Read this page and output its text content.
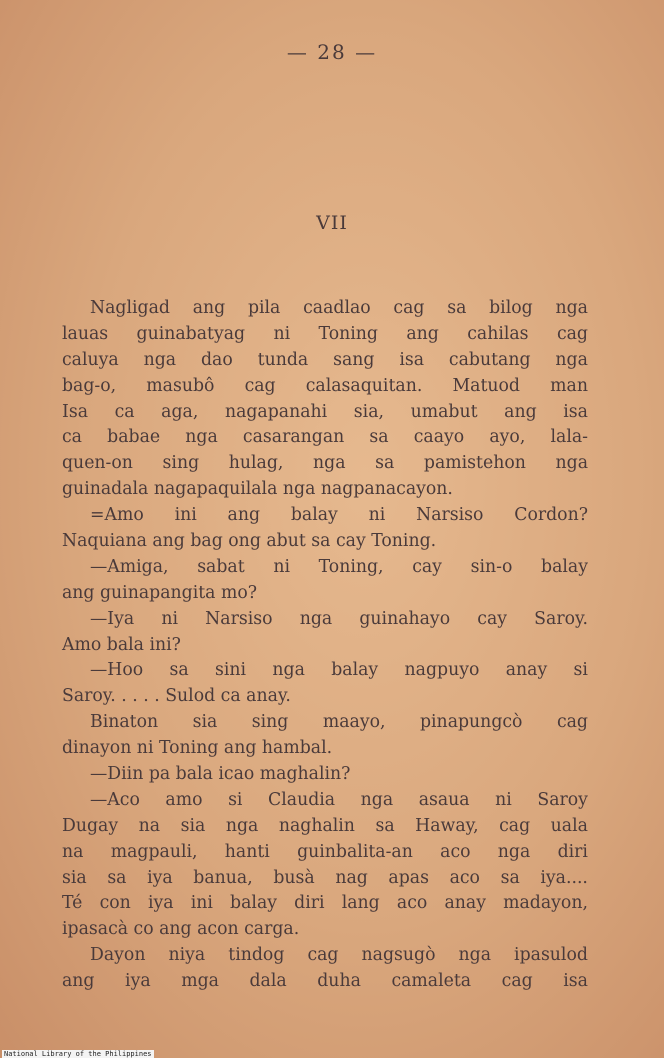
— 28 —
VII
Nagligad ang pila caadlao cag sa bilog nga
lauas guinabatyag ni Toning ang cahilas cag
caluya nga dao tunda sang isa cabutang nga
bag-o, masubô cag calasaquitan. Matuod man
Isa ca aga, nagapanahi sia, umabut ang isa
ca babae nga casarangan sa caayo ayo, lala-
quen-on sing hulag, nga sa pamistehon nga
guinadala nagapaquilala nga nagpanacayon.
=Amo ini ang balay ni Narsiso Cordon?
Naquiana ang bag ong abut sa cay Toning.
—Amiga, sabat ni Toning, cay sin-o balay
ang guinapangita mo?
—Iya ni Narsiso nga guinahayo cay Saroy.
Amo bala ini?
—Hoo sa sini nga balay nagpuyo anay si
Saroy. . . . . Sulod ca anay.
Binaton sia sing maayo, pinapungcò cag
dinayon ni Toning ang hambal.
—Diin pa bala icao maghalin?
—Aco amo si Claudia nga asaua ni Saroy
Dugay na sia nga naghalin sa Haway, cag uala
na magpauli, hanti guinbalita-an aco nga diri
sia sa iya banua, busà nag apas aco sa iya....
Té con iya ini balay diri lang aco anay madayon,
ipasacà co ang acon carga.
Dayon niya tindog cag nagsugò nga ipasulod
ang iya mga dala duha camaleta cag isa
National Library of the Philippines
